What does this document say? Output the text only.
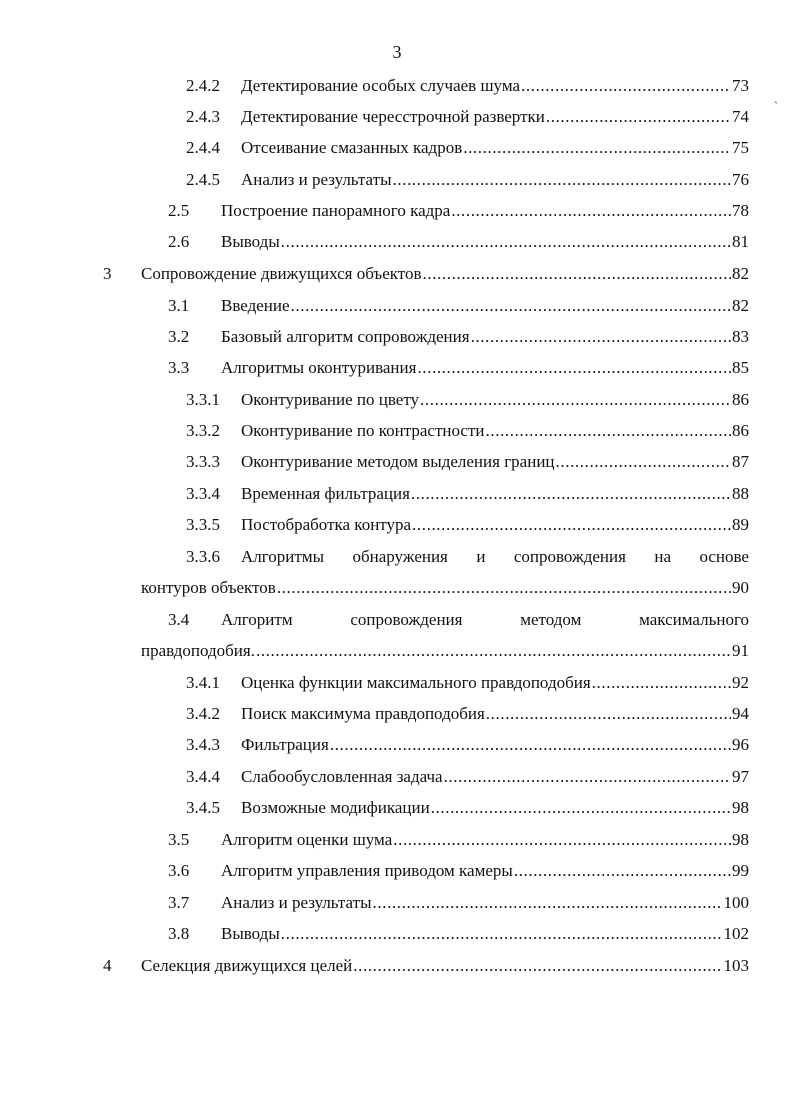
3
ˎ
2.4.2 Детектирование особых случаев шума .....	73
2.4.3 Детектирование чересстрочной развертки .....	74
2.4.4 Отсеивание смазанных кадров .....	75
2.4.5 Анализ и результаты .....	76
2.5 Построение панорамного кадра .....	78
2.6 Выводы .....	81
3 Сопровождение движущихся объектов .....	82
3.1 Введение .....	82
3.2 Базовый алгоритм сопровождения .....	83
3.3 Алгоритмы оконтуривания .....	85
3.3.1 Оконтуривание по цвету .....	86
3.3.2 Оконтуривание по контрастности .....	86
3.3.3 Оконтуривание методом выделения границ .....	87
3.3.4 Временная фильтрация .....	88
3.3.5 Постобработка контура .....	89
3.3.6 Алгоритмы обнаружения и сопровождения на основе
контуров объектов .....	90
3.4 Алгоритм	сопровождения	методом	максимального
правдоподобия. .....	91
3.4.1 Оценка функции максимального правдоподобия .....	92
3.4.2 Поиск максимума правдоподобия .....	94
3.4.3 Фильтрация .....	96
3.4.4 Слабообусловленная задача .....	97
3.4.5 Возможные модификации .....	98
3.5 Алгоритм оценки шума .....	98
3.6 Алгоритм управления приводом камеры .....	99
3.7 Анализ и результаты .....	100
3.8 Выводы .....	102
4 Селекция движущихся целей .....	103
